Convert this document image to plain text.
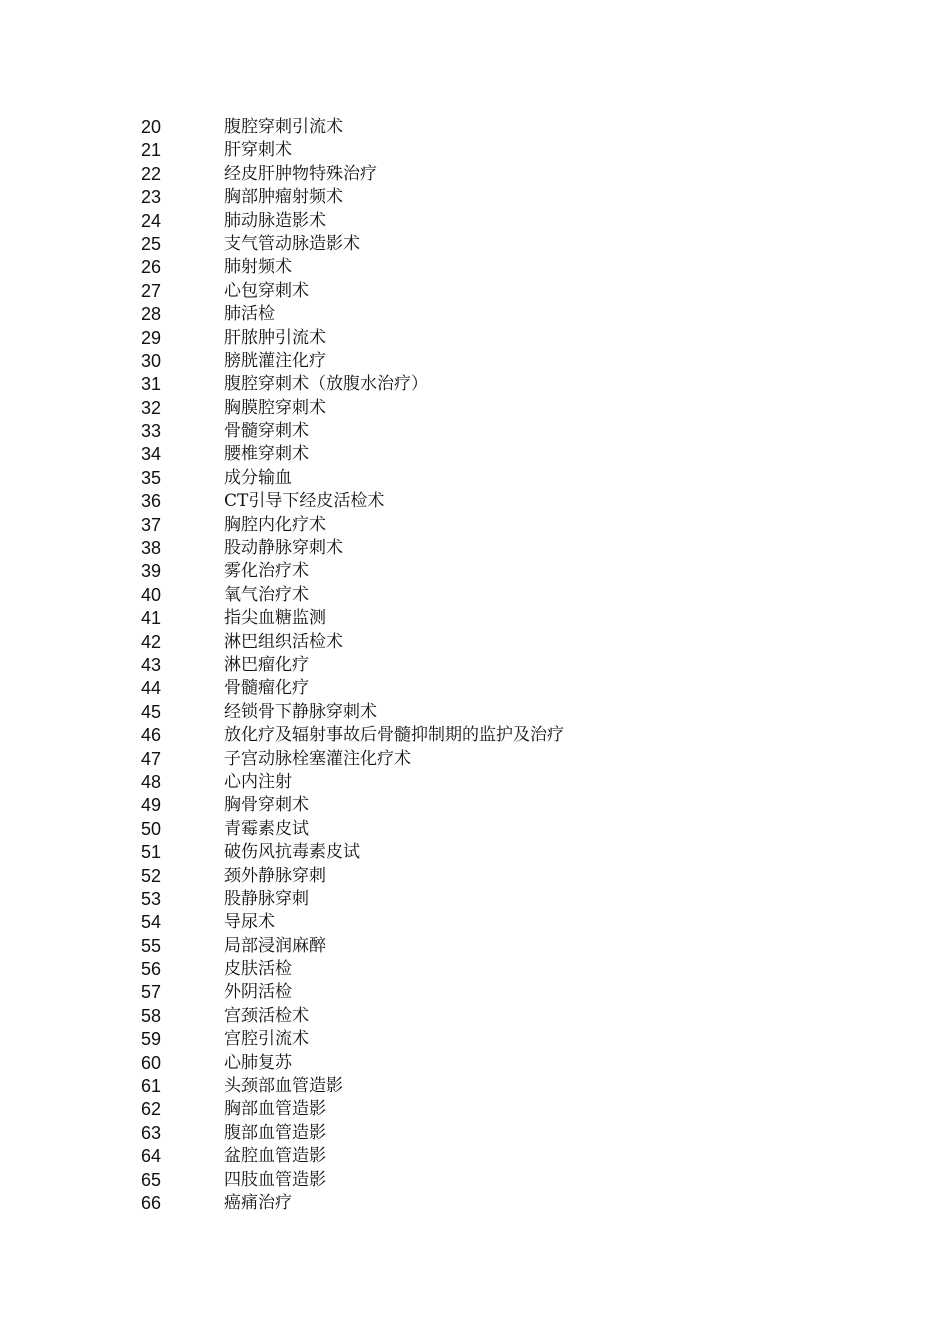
20	腹腔穿刺引流术
21	肝穿刺术
22	经皮肝肿物特殊治疗
23	胸部肿瘤射频术
24	肺动脉造影术
25	支气管动脉造影术
26	肺射频术
27	心包穿刺术
28	肺活检
29	肝脓肿引流术
30	膀胱灌注化疗
31	腹腔穿刺术（放腹水治疗）
32	胸膜腔穿刺术
33	骨髓穿刺术
34	腰椎穿刺术
35	成分输血
36	CT引导下经皮活检术
37	胸腔内化疗术
38	股动静脉穿刺术
39	雾化治疗术
40	氧气治疗术
41	指尖血糖监测
42	淋巴组织活检术
43	淋巴瘤化疗
44	骨髓瘤化疗
45	经锁骨下静脉穿刺术
46	放化疗及辐射事故后骨髓抑制期的监护及治疗
47	子宫动脉栓塞灌注化疗术
48	心内注射
49	胸骨穿刺术
50	青霉素皮试
51	破伤风抗毒素皮试
52	颈外静脉穿刺
53	股静脉穿刺
54	导尿术
55	局部浸润麻醉
56	皮肤活检
57	外阴活检
58	宫颈活检术
59	宫腔引流术
60	心肺复苏
61	头颈部血管造影
62	胸部血管造影
63	腹部血管造影
64	盆腔血管造影
65	四肢血管造影
66	癌痛治疗
